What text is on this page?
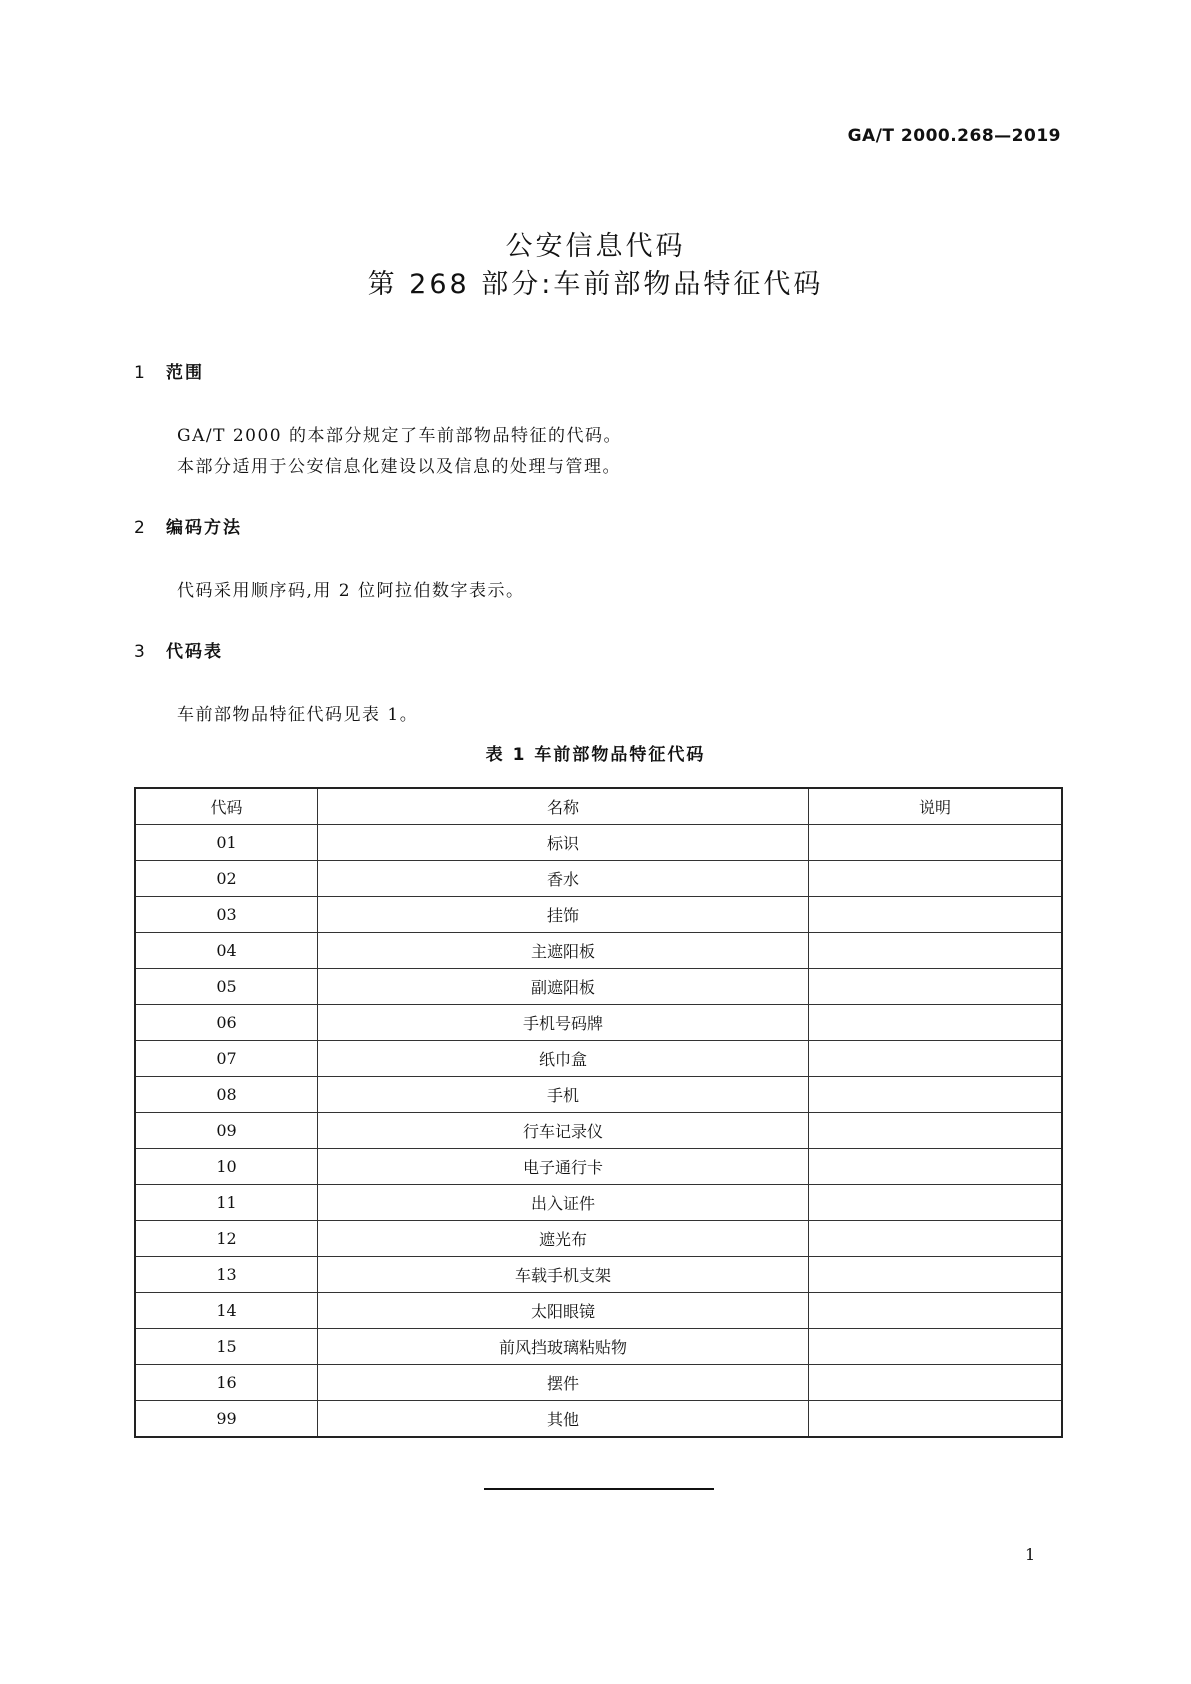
GA/T 2000.268—2019
公安信息代码
第 268 部分:车前部物品特征代码
1 范围
GA/T 2000 的本部分规定了车前部物品特征的代码。
本部分适用于公安信息化建设以及信息的处理与管理。
2 编码方法
代码采用顺序码,用 2 位阿拉伯数字表示。
3 代码表
车前部物品特征代码见表 1。
表 1 车前部物品特征代码
代码	名称	说明
01	标识	
02	香水	
03	挂饰	
04	主遮阳板	
05	副遮阳板	
06	手机号码牌	
07	纸巾盒	
08	手机	
09	行车记录仪	
10	电子通行卡	
11	出入证件	
12	遮光布	
13	车载手机支架	
14	太阳眼镜	
15	前风挡玻璃粘贴物	
16	摆件	
99	其他	
1
